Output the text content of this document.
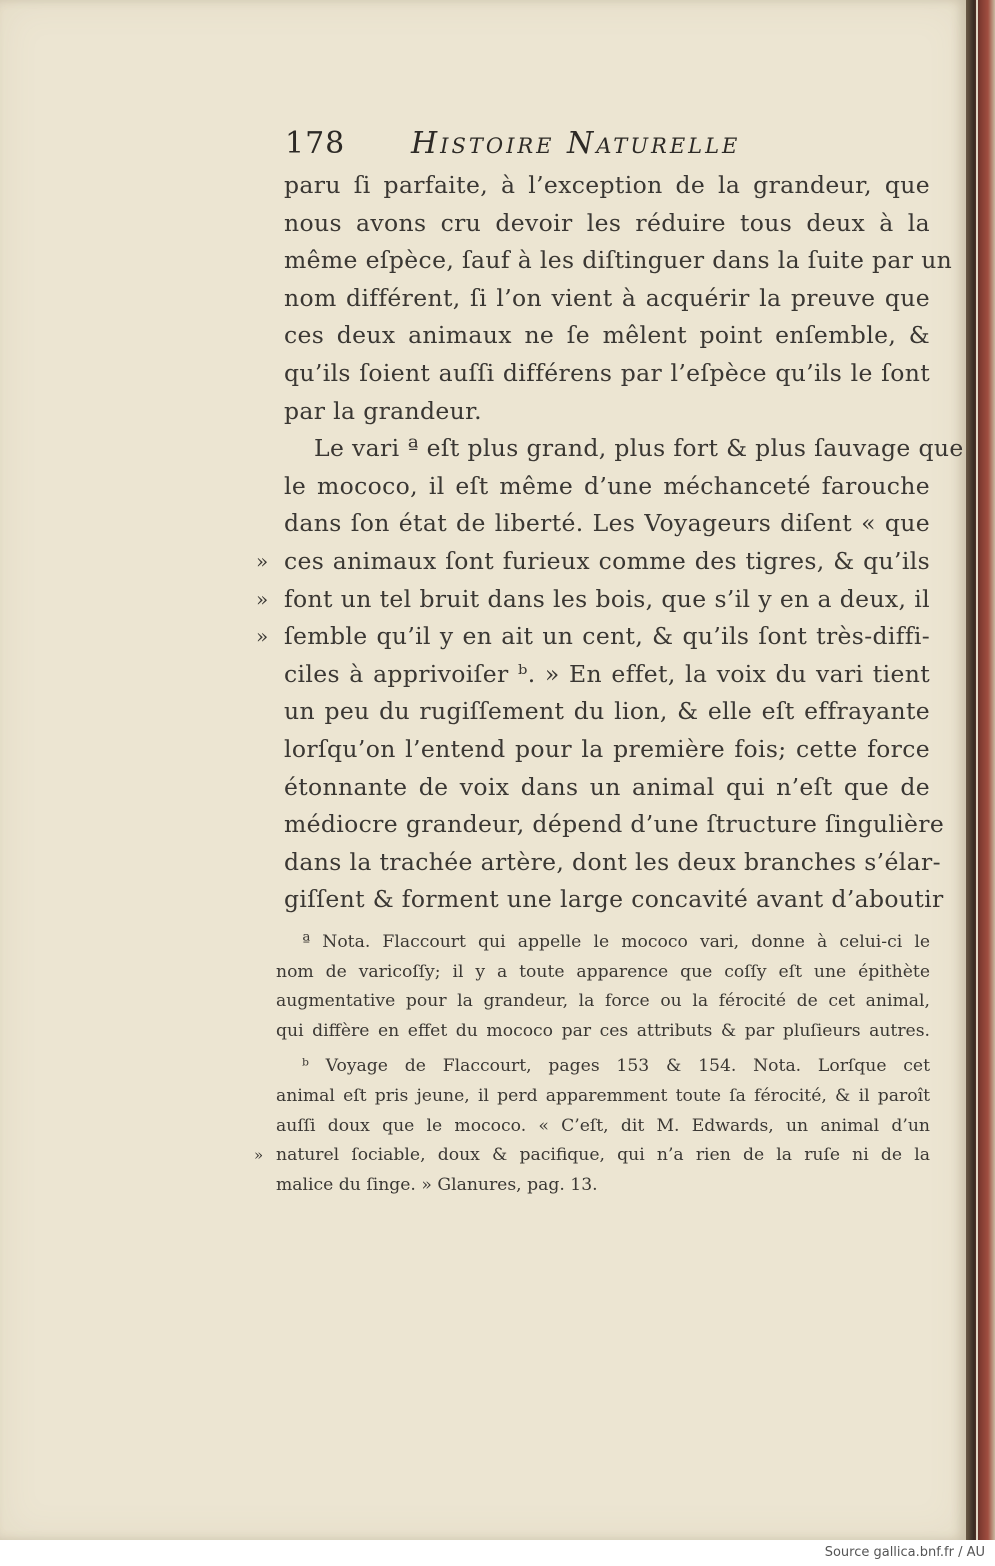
178 Histoire Naturelle
paru ſi parfaite, à l’exception de la grandeur, que
nous avons cru devoir les réduire tous deux à la
même eſpèce, ſauf à les diſtinguer dans la ſuite par un
nom différent, ſi l’on vient à acquérir la preuve que
ces deux animaux ne ſe mêlent point enſemble, &
qu’ils ſoient auſſi différens par l’eſpèce qu’ils le ſont
par la grandeur.
Le vari ª eſt plus grand, plus fort & plus ſauvage que
le mococo, il eſt même d’une méchanceté farouche
dans ſon état de liberté. Les Voyageurs diſent « que
» ces animaux ſont furieux comme des tigres, & qu’ils
» font un tel bruit dans les bois, que s’il y en a deux, il
» ſemble qu’il y en ait un cent, & qu’ils ſont très-diffi-
ciles à apprivoiſer ᵇ. » En effet, la voix du vari tient
un peu du rugiſſement du lion, & elle eſt effrayante
lorſqu’on l’entend pour la première fois; cette force
étonnante de voix dans un animal qui n’eſt que de
médiocre grandeur, dépend d’une ſtructure ſingulière
dans la trachée artère, dont les deux branches s’élar-
giſſent & forment une large concavité avant d’aboutir
ª Nota. Flaccourt qui appelle le mococo vari, donne à celui-ci le
nom de varicoſſy; il y a toute apparence que coſſy eſt une épithète
augmentative pour la grandeur, la force ou la férocité de cet animal,
qui diffère en effet du mococo par ces attributs & par pluſieurs autres.
ᵇ Voyage de Flaccourt, pages 153 & 154. Nota. Lorſque cet
animal eſt pris jeune, il perd apparemment toute ſa férocité, & il paroît
auſſi doux que le mococo. « C’eſt, dit M. Edwards, un animal d’un
» naturel ſociable, doux & pacifique, qui n’a rien de la ruſe ni de la
malice du ſinge. » Glanures, pag. 13.
Source gallica.bnf.fr / AU
